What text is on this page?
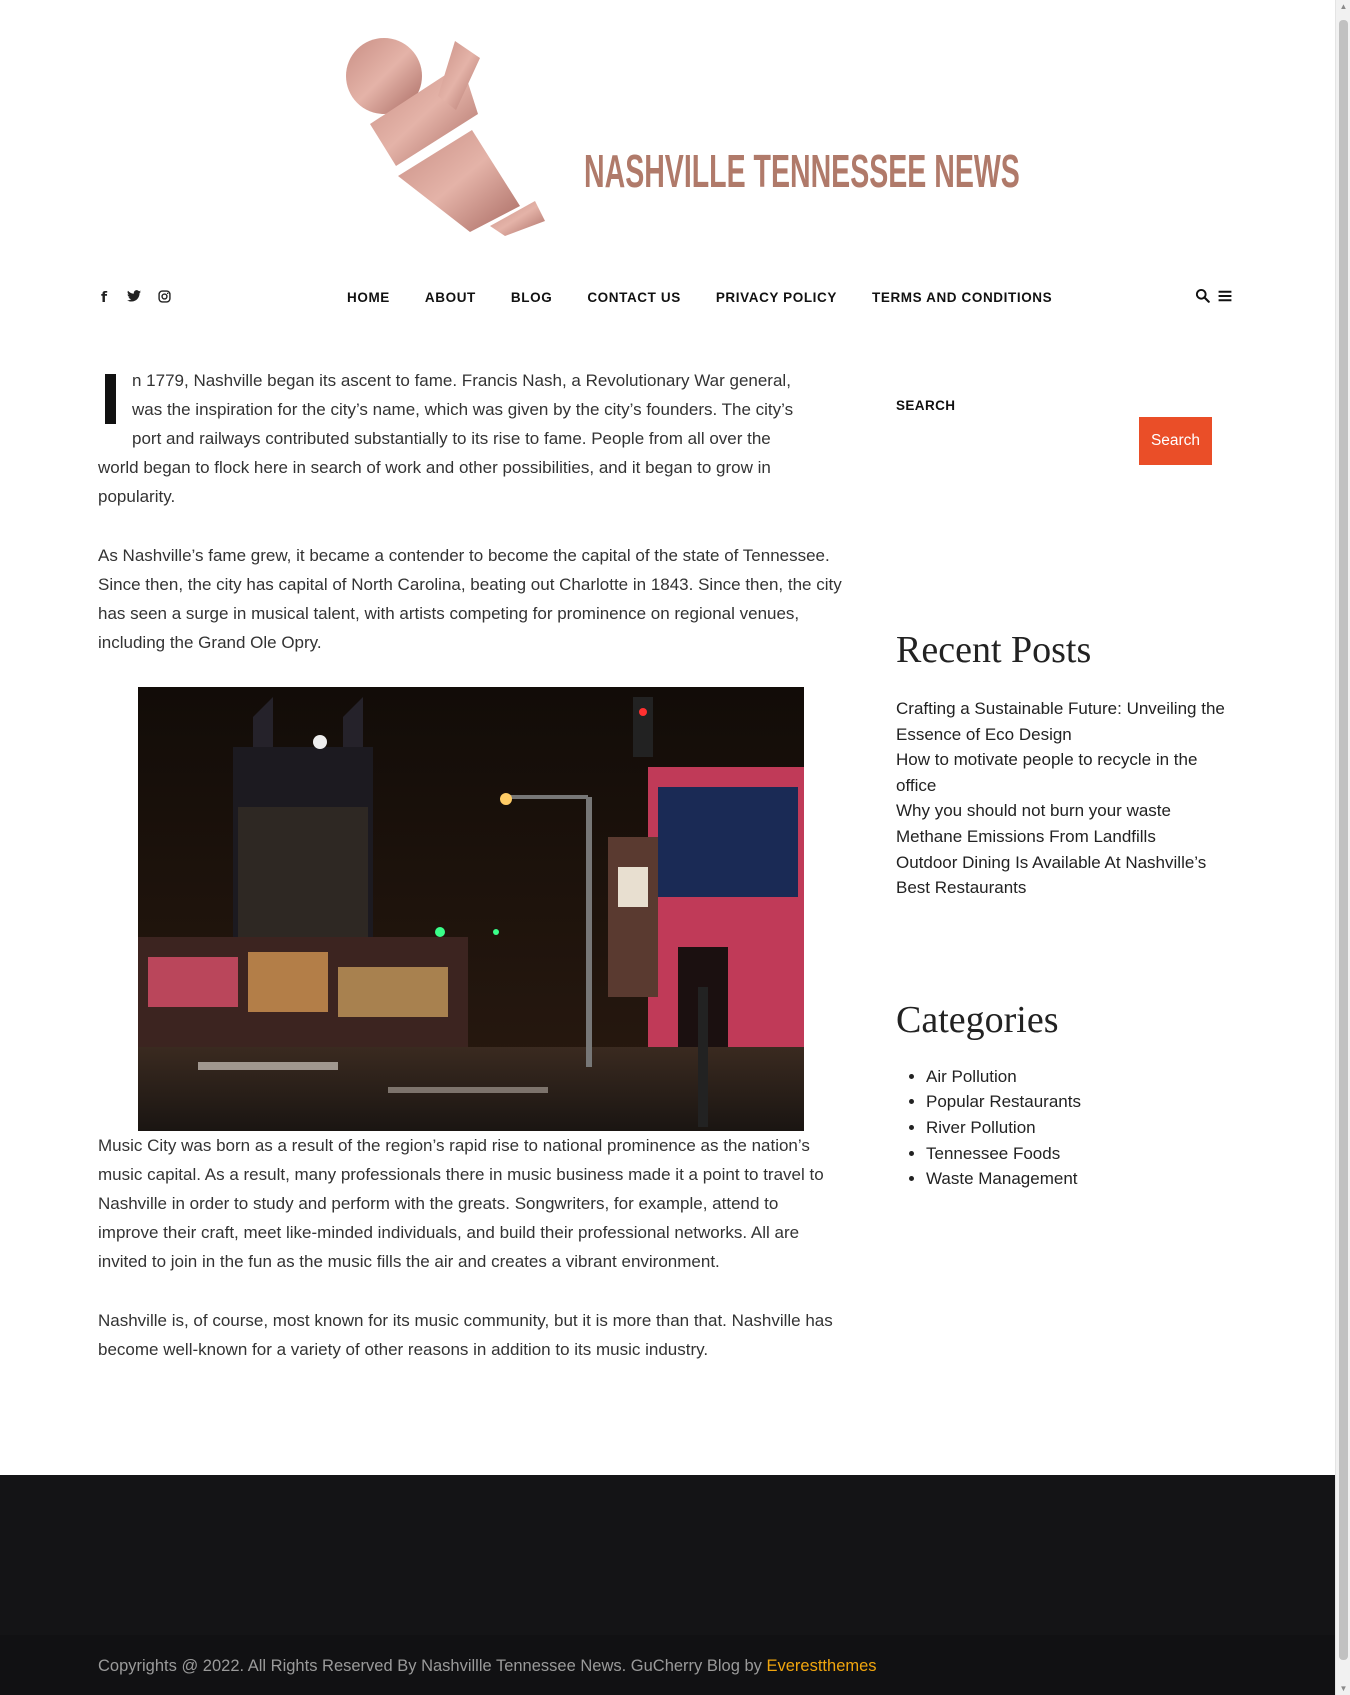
NASHVILLE TENNESSEE NEWS
f	HOME	ABOUT	BLOG	CONTACT US	PRIVACY POLICY	TERMS AND CONDITIONS

n 1779, Nashville began its ascent to fame. Francis Nash, a Revolutionary War general,
was the inspiration for the city’s name, which was given by the city’s founders. The city’s
port and railways contributed substantially to its rise to fame. People from all over the
world began to flock here in search of work and other possibilities, and it began to grow in popularity.

As Nashville’s fame grew, it became a contender to become the capital of the state of Tennessee. Since then, the city has capital of North Carolina, beating out Charlotte in 1843. Since then, the city has seen a surge in musical talent, with artists competing for prominence on regional venues, including the Grand Ole Opry.

Music City was born as a result of the region’s rapid rise to national prominence as the nation’s music capital. As a result, many professionals there in music business made it a point to travel to Nashville in order to study and perform with the greats. Songwriters, for example, attend to improve their craft, meet like-minded individuals, and build their professional networks. All are invited to join in the fun as the music fills the air and creates a vibrant environment.

Nashville is, of course, most known for its music community, but it is more than that. Nashville has become well-known for a variety of other reasons in addition to its music industry.

SEARCH
Search
Recent Posts
Crafting a Sustainable Future: Unveiling the Essence of Eco Design
How to motivate people to recycle in the office
Why you should not burn your waste
Methane Emissions From Landfills
Outdoor Dining Is Available At Nashville’s Best Restaurants
Categories
• Air Pollution
• Popular Restaurants
• River Pollution
• Tennessee Foods
• Waste Management
Copyrights @ 2022. All Rights Reserved By Nashvillle Tennessee News. GuCherry Blog by Everestthemes
▲
▼
